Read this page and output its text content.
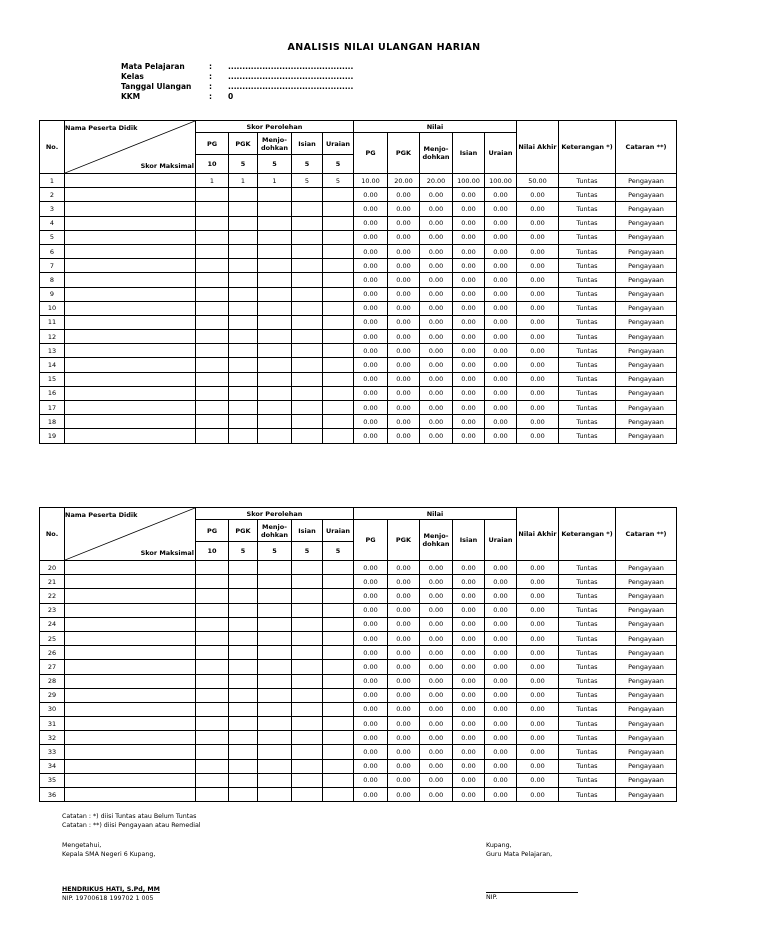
ANALISIS NILAI ULANGAN HARIAN
Mata Pelajaran	: ............................................
Kelas	: ............................................
Tanggal Ulangan : ............................................
KKM	: 0
No.	Nama Peserta Didik
Skor Maksimal	Skor Perolehan					Nilai					Nilai Akhir	Keterangan *)	Cataran **)
		PG	PGK	Menjo-dohkan	Isian	Uraian	PG	PGK	Menjo-dohkan	Isian	Uraian			
		10	5	5	5	5								
1		1	1	1	5	5	10.00	20.00	20.00	100.00	100.00	50.00	Tuntas	Pengayaan
2							0.00	0.00	0.00	0.00	0.00	0.00	Tuntas	Pengayaan
3							0.00	0.00	0.00	0.00	0.00	0.00	Tuntas	Pengayaan
4							0.00	0.00	0.00	0.00	0.00	0.00	Tuntas	Pengayaan
5							0.00	0.00	0.00	0.00	0.00	0.00	Tuntas	Pengayaan
6							0.00	0.00	0.00	0.00	0.00	0.00	Tuntas	Pengayaan
7							0.00	0.00	0.00	0.00	0.00	0.00	Tuntas	Pengayaan
8							0.00	0.00	0.00	0.00	0.00	0.00	Tuntas	Pengayaan
9							0.00	0.00	0.00	0.00	0.00	0.00	Tuntas	Pengayaan
10							0.00	0.00	0.00	0.00	0.00	0.00	Tuntas	Pengayaan
11							0.00	0.00	0.00	0.00	0.00	0.00	Tuntas	Pengayaan
12							0.00	0.00	0.00	0.00	0.00	0.00	Tuntas	Pengayaan
13							0.00	0.00	0.00	0.00	0.00	0.00	Tuntas	Pengayaan
14							0.00	0.00	0.00	0.00	0.00	0.00	Tuntas	Pengayaan
15							0.00	0.00	0.00	0.00	0.00	0.00	Tuntas	Pengayaan
16							0.00	0.00	0.00	0.00	0.00	0.00	Tuntas	Pengayaan
17							0.00	0.00	0.00	0.00	0.00	0.00	Tuntas	Pengayaan
18							0.00	0.00	0.00	0.00	0.00	0.00	Tuntas	Pengayaan
19							0.00	0.00	0.00	0.00	0.00	0.00	Tuntas	Pengayaan
No.	Nama Peserta Didik
Skor Maksimal	Skor Perolehan					Nilai					Nilai Akhir	Keterangan *)	Cataran **)
		PG	PGK	Menjo-dohkan	Isian	Uraian	PG	PGK	Menjo-dohkan	Isian	Uraian			
		10	5	5	5	5								
20							0.00	0.00	0.00	0.00	0.00	0.00	Tuntas	Pengayaan
21							0.00	0.00	0.00	0.00	0.00	0.00	Tuntas	Pengayaan
22							0.00	0.00	0.00	0.00	0.00	0.00	Tuntas	Pengayaan
23							0.00	0.00	0.00	0.00	0.00	0.00	Tuntas	Pengayaan
24							0.00	0.00	0.00	0.00	0.00	0.00	Tuntas	Pengayaan
25							0.00	0.00	0.00	0.00	0.00	0.00	Tuntas	Pengayaan
26							0.00	0.00	0.00	0.00	0.00	0.00	Tuntas	Pengayaan
27							0.00	0.00	0.00	0.00	0.00	0.00	Tuntas	Pengayaan
28							0.00	0.00	0.00	0.00	0.00	0.00	Tuntas	Pengayaan
29							0.00	0.00	0.00	0.00	0.00	0.00	Tuntas	Pengayaan
30							0.00	0.00	0.00	0.00	0.00	0.00	Tuntas	Pengayaan
31							0.00	0.00	0.00	0.00	0.00	0.00	Tuntas	Pengayaan
32							0.00	0.00	0.00	0.00	0.00	0.00	Tuntas	Pengayaan
33							0.00	0.00	0.00	0.00	0.00	0.00	Tuntas	Pengayaan
34							0.00	0.00	0.00	0.00	0.00	0.00	Tuntas	Pengayaan
35							0.00	0.00	0.00	0.00	0.00	0.00	Tuntas	Pengayaan
36							0.00	0.00	0.00	0.00	0.00	0.00	Tuntas	Pengayaan
Catatan : *) diisi Tuntas atau Belum Tuntas
Catatan : **) diisi Pengayaan atau Remedial
Mengetahui,
Kepala SMA Negeri 6 Kupang,
Kupang,
Guru Mata Pelajaran,
HENDRIKUS HATI, S.Pd, MM
NIP. 19700618 199702 1 005	NIP.
